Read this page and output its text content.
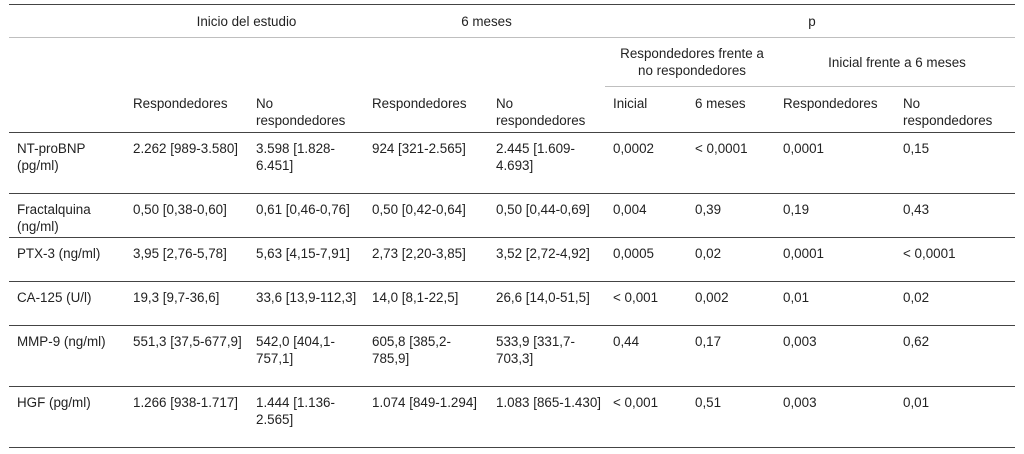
	Inicio del estudio		6 meses		p			
					Respondedores frente a no respondedores		Inicial frente a 6 meses	
	Respondedores	No respondedores	Respondedores	No respondedores	Inicial	6 meses	Respondedores	No respondedores
NT-proBNP (pg/ml)	2.262 [989-3.580]	3.598 [1.828-6.451]	924 [321-2.565]	2.445 [1.609-4.693]	0,0002	< 0,0001	0,0001	0,15
Fractalquina (ng/ml)	0,50 [0,38-0,60]	0,61 [0,46-0,76]	0,50 [0,42-0,64]	0,50 [0,44-0,69]	0,004	0,39	0,19	0,43
PTX-3 (ng/ml)	3,95 [2,76-5,78]	5,63 [4,15-7,91]	2,73 [2,20-3,85]	3,52 [2,72-4,92]	0,0005	0,02	0,0001	< 0,0001
CA-125 (U/l)	19,3 [9,7-36,6]	33,6 [13,9-112,3]	14,0 [8,1-22,5]	26,6 [14,0-51,5]	< 0,001	0,002	0,01	0,02
MMP-9 (ng/ml)	551,3 [37,5-677,9]	542,0 [404,1-757,1]	605,8 [385,2-785,9]	533,9 [331,7-703,3]	0,44	0,17	0,003	0,62
HGF (pg/ml)	1.266 [938-1.717]	1.444 [1.136-2.565]	1.074 [849-1.294]	1.083 [865-1.430]	< 0,001	0,51	0,003	0,01
